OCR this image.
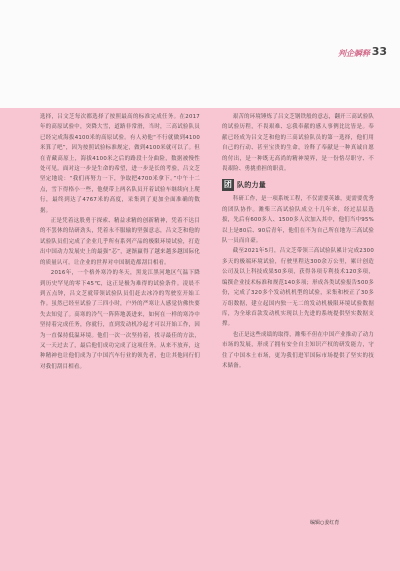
判企瞬释 33

选择，吕文芝每次都选择了按照最高的标准完成任务。在2017年的高原试验中，突降大雪，道路非常滑，当时，三高试验队员已经完成海拔4100米的高原试验。有人劝他“不行就做到4100米算了吧”，因为按照试验标准规定，做到4100米就可以了。但在青藏高原上，海拔4100米之后的路段十分曲险，数据被慢性处可见。面对这一步是生命的希望，进一步是长的考验，吕文芝坚定地说：“我们再努力一下，争取把4700米拿下。”中午十二点，雪下得格小一些，他便带上两名队员开着试验车继续向上爬行，最终到达了4767米的高度，采集到了更加全面准确的数据。

正是凭着这股勇于探索、精益求精的创新精神，凭着不达目的不罢休的钻研劲头，凭着永不服输的坚强意志，吕文芝和他的试验队员们完成了企业几乎所有系列产品的极限环境试验，打造出中国动力发展史上的最强“芯”，逐渐赢得了越来越多越国际化的质量认可。让企业的世界对中国制造都刮目相看。

2016年，一个格外寒冷的冬天，黑龙江黑河地区气温下降到历史罕见的零下45℃，这正是极为难得的试验条件。凌晨不到五点钟，吕文芝就带领试验队员们赶去冰冷的驾驶室开始工作。虽然已经至试验了三四小时，户外的严寒让人感觉仿佛快要失去知觉了。高寒的冷气一阵阵地袭进来，如何在一样的寒冷中坚持着完成任务，你就行，直到发动机冷起才可以开始工作，因为一直保持低温环境。他们一次一次坚持着，找寻最佳的方法，又一天过去了，最后他们成功完成了这项任务。从来不放弃，这种精神也让他们成为了中国汽车行业的领先者，也让其他同行们对我们刮目相看。

艰苦的环境锤炼了吕文芝钢铁般的意志，翻开三高试验队的试验历程，不畏艰难、忘我奉献的感人事例比比皆是。奉献已经成为吕文芝和他的三高试验队员的第一选择，他们用自己的行动、甚至宝贵的生命，诠释了奉献是一种真诚自愿的付出，是一种既无高尚的精神境界，是一份恪尽职守、不畏艰险、勇挑重担的职责。

团 队的力量

科研工作，是一项系统工程，不仅需要英雄，更需要优秀的团队协作。潍柴三高试验队成立十几年来，经过层层选拔，先后有600多人、1500多人次加入其中，他们当中95%以上是80后、90后青年，他们在不为自己所在地为三高试验队一员而自豪。

截至2021年5月，吕文芝带领三高试验队累计完成2300多天的极端环境试验，行驶里程达300余万公里，累计创造公司及以上科技成果50多项，获得各项专利技术120多项，编撰企业技术标准和规范140多项；形成各类试验报告500多份，完成了320多个发动机机型的试验，采集和校正了30多万组数据，建立起国内独一无二的发动机极限环境试验数据库，为全球首款发动机实现以上先进的系统提供坚实数据支撑。

也正是这些成绩的取得，潍柴不但在中国产业推动了动力市场的发展，形成了拥有安全自主知识产权的研发能力，守住了中国本土市场，更为我们进军国际市场提供了坚实的技术储备。

编辑○姜红育
